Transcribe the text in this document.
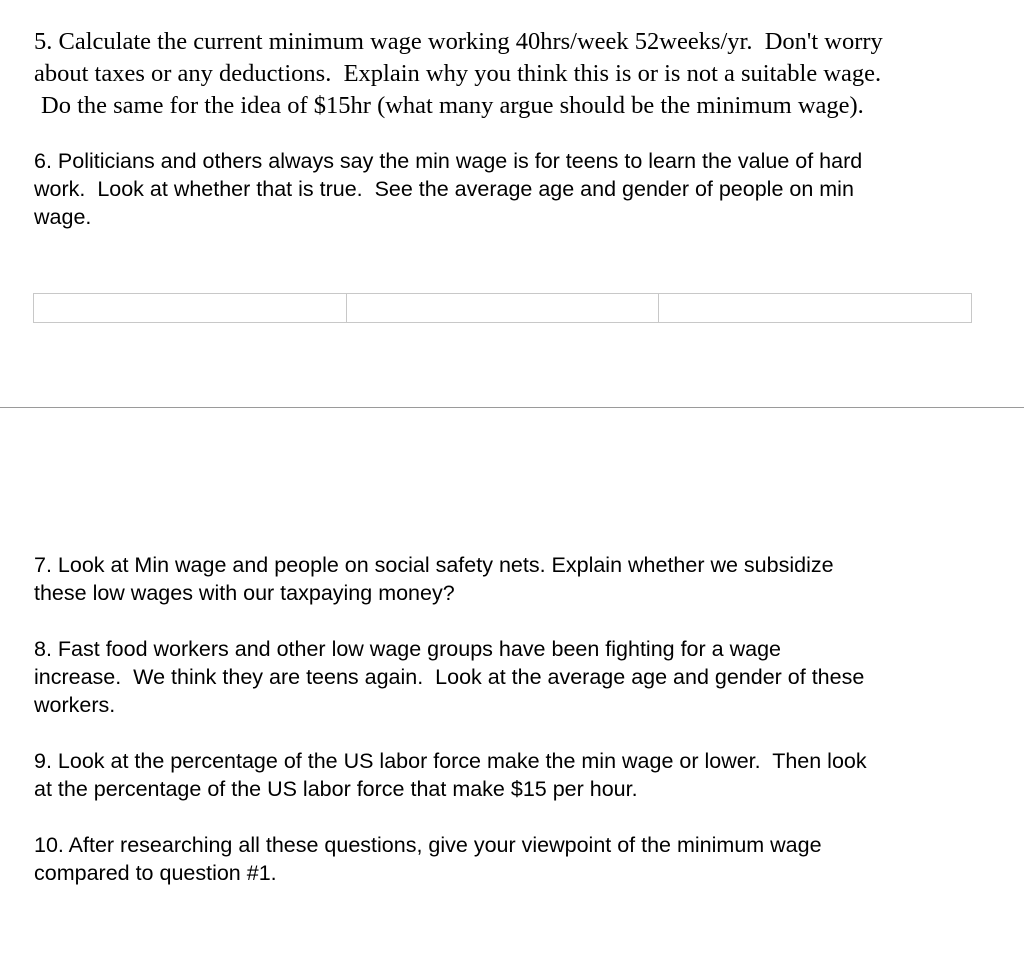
5. Calculate the current minimum wage working 40hrs/week 52weeks/yr.  Don't worry
about taxes or any deductions.  Explain why you think this is or is not a suitable wage.
Do the same for the idea of $15hr (what many argue should be the minimum wage).
6. Politicians and others always say the min wage is for teens to learn the value of hard
work.  Look at whether that is true.  See the average age and gender of people on min
wage.
7. Look at Min wage and people on social safety nets. Explain whether we subsidize
these low wages with our taxpaying money?
8. Fast food workers and other low wage groups have been fighting for a wage
increase.  We think they are teens again.  Look at the average age and gender of these
workers.
9. Look at the percentage of the US labor force make the min wage or lower.  Then look
at the percentage of the US labor force that make $15 per hour.
10. After researching all these questions, give your viewpoint of the minimum wage
compared to question #1.
